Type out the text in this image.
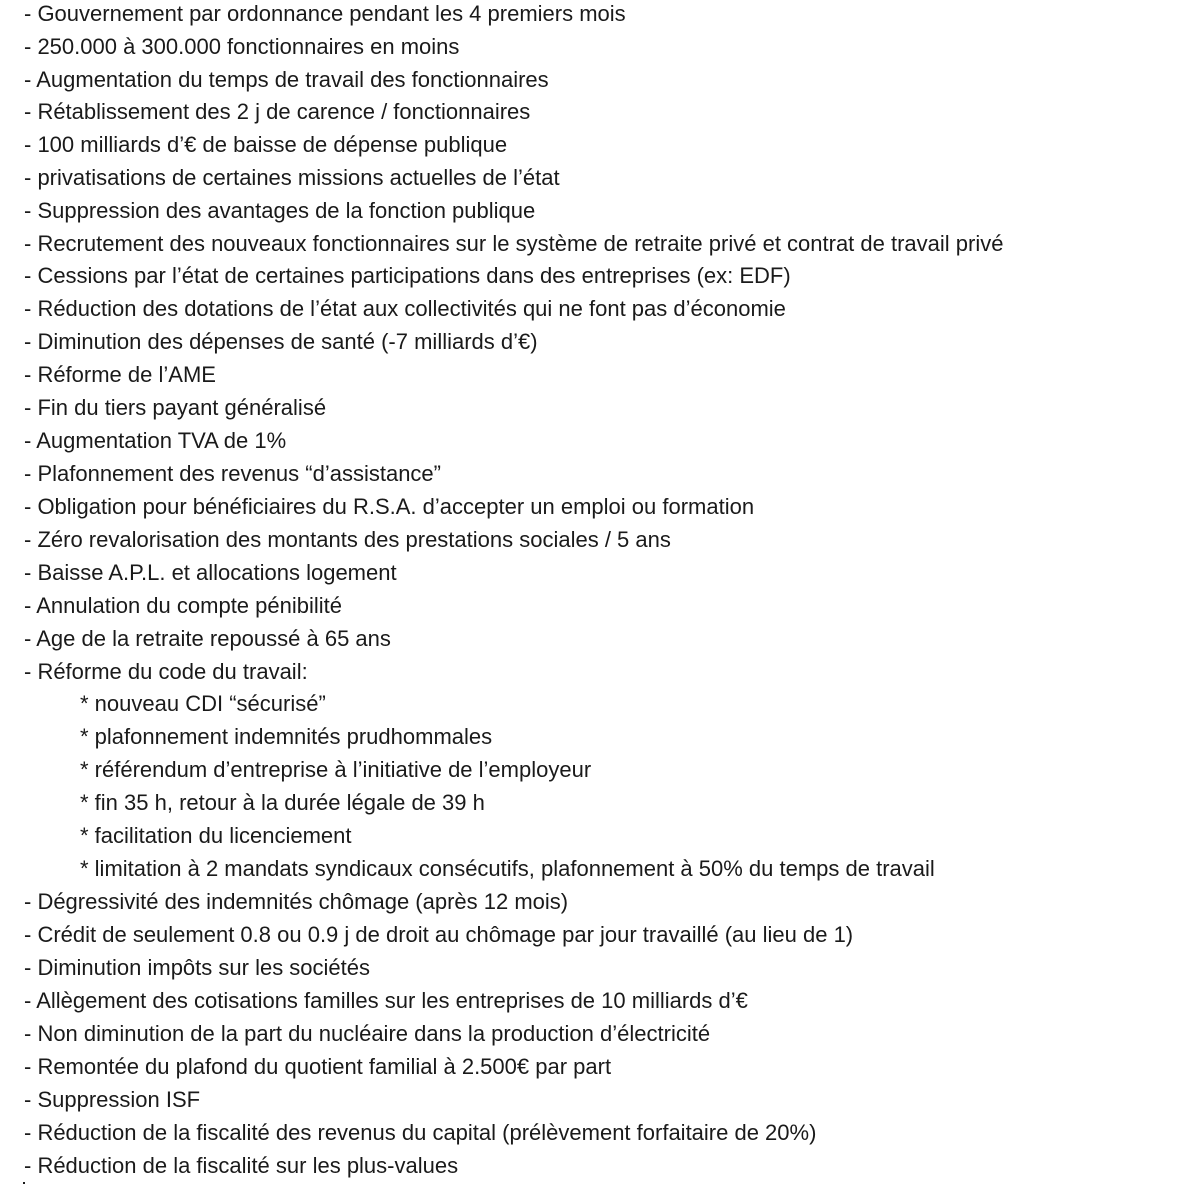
- Gouvernement par ordonnance pendant les 4 premiers mois
- 250.000 à 300.000 fonctionnaires en moins
- Augmentation du temps de travail des fonctionnaires
- Rétablissement des 2 j de carence / fonctionnaires
- 100 milliards d’€ de baisse de dépense publique
- privatisations de certaines missions actuelles de l’état
- Suppression des avantages de la fonction publique
- Recrutement des nouveaux fonctionnaires sur le système de retraite privé et contrat de travail privé
- Cessions par l’état de certaines participations dans des entreprises (ex: EDF)
- Réduction des dotations de l’état aux collectivités qui ne font pas d’économie
- Diminution des dépenses de santé (-7 milliards d’€)
- Réforme de l’AME
- Fin du tiers payant généralisé
- Augmentation TVA de 1%
- Plafonnement des revenus “d’assistance”
- Obligation pour bénéficiaires du R.S.A. d’accepter un emploi ou formation
- Zéro revalorisation des montants des prestations sociales / 5 ans
- Baisse A.P.L. et allocations logement
- Annulation du compte pénibilité
- Age de la retraite repoussé à 65 ans
- Réforme du code du travail:
* nouveau CDI “sécurisé”
* plafonnement indemnités prudhommales
* référendum d’entreprise à l’initiative de l’employeur
* fin 35 h, retour à la durée légale de 39 h
* facilitation du licenciement
* limitation à 2 mandats syndicaux consécutifs, plafonnement à 50% du temps de travail
- Dégressivité des indemnités chômage (après 12 mois)
- Crédit de seulement 0.8 ou 0.9 j de droit au chômage par jour travaillé (au lieu de 1)
- Diminution impôts sur les sociétés
- Allègement des cotisations familles sur les entreprises de 10 milliards d’€
- Non diminution de la part du nucléaire dans la production d’électricité
- Remontée du plafond du quotient familial à 2.500€ par part
- Suppression ISF
- Réduction de la fiscalité des revenus du capital (prélèvement forfaitaire de 20%)
- Réduction de la fiscalité sur les plus-values
